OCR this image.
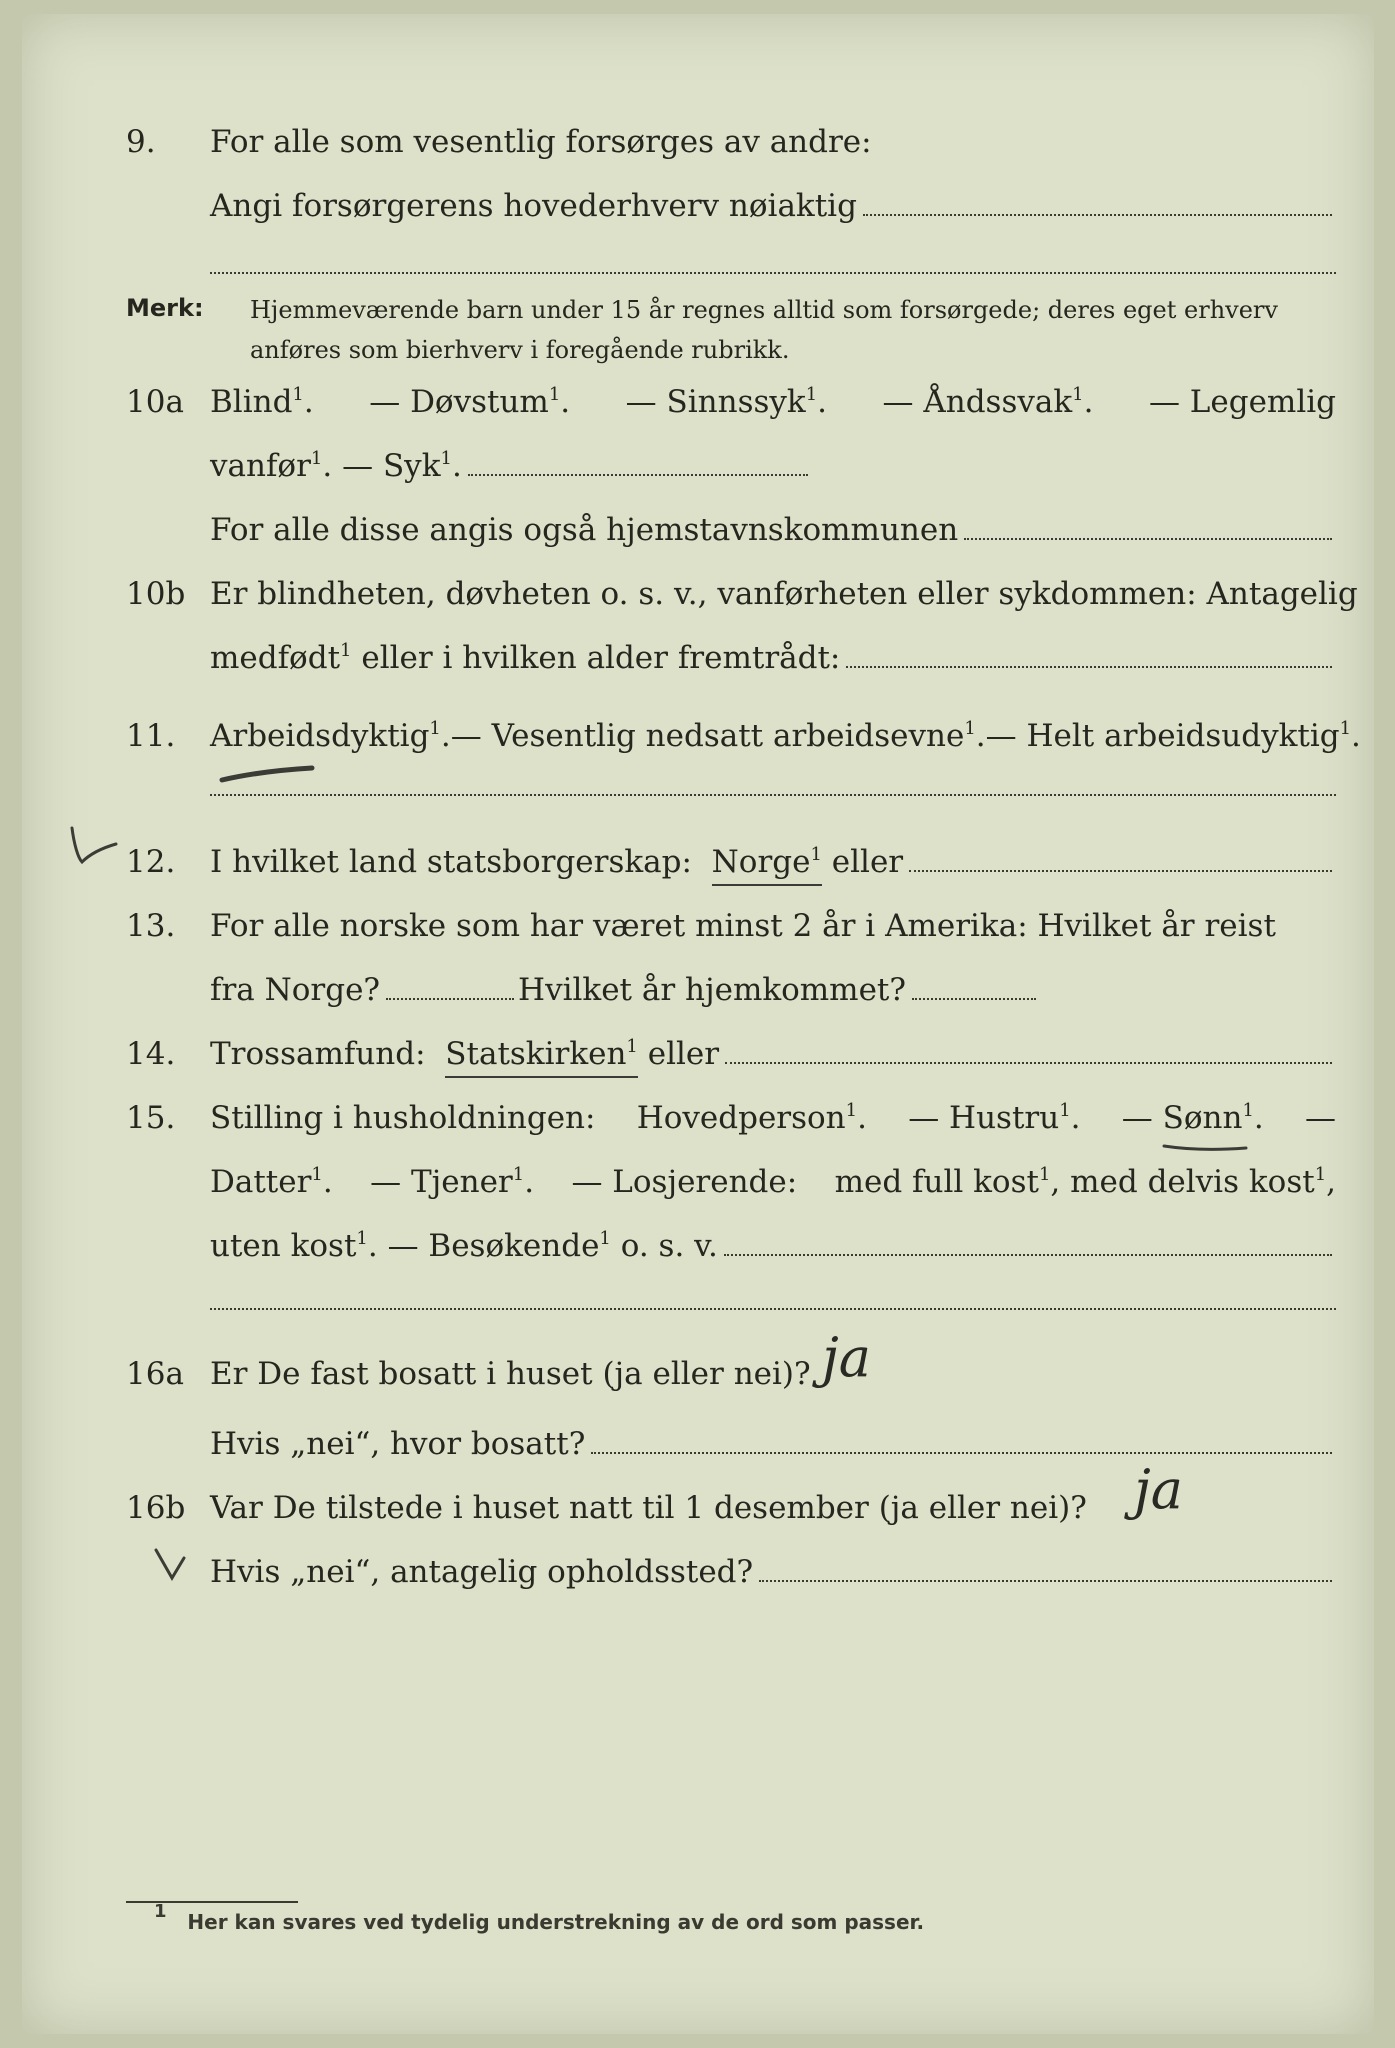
9. For alle som vesentlig forsørges av andre:
Angi forsørgerens hovederhverv nøiaktig
Merk: Hjemmeværende barn under 15 år regnes alltid som forsørgede; deres eget erhverv anføres som bierhverv i foregående rubrikk.
10a Blind$^1$. — Døvstum$^1$. — Sinnssyk$^1$. — Åndssvak$^1$. — Legemlig
vanfør$^1$. — Syk$^1$.
For alle disse angis også hjemstavnskommunen
10b Er blindheten, døvheten o. s. v., vanførheten eller sykdommen: Antagelig
medfødt$^1$ eller i hvilken alder fremtrådt:
11. Arbeidsdyktig$^1$. — Vesentlig nedsatt arbeidsevne$^1$. — Helt arbeidsudyktig$^1$.
12. I hvilket land statsborgerskap:
Norge$^1$
eller
13. For alle norske som har været minst 2 år i Amerika: Hvilket år reist
fra Norge?	Hvilket år hjemkommet?
14. Trossamfund:
Statskirken$^1$
eller
15. Stilling i husholdningen: Hovedperson$^1$. — Hustru$^1$. — Sønn$^1$. —
Datter$^1$. — Tjener$^1$. — Losjerende: med full kost$^1$, med delvis kost$^1$,
uten kost$^1$. — Besøkende$^1$ o. s. v.
16a Er De fast bosatt i huset (ja eller nei)? ja
Hvis „nei“, hvor bosatt?
16b Var De tilstede i huset natt til 1 desember (ja eller nei)? ja
Hvis „nei“, antagelig opholdssted?
$^1$ Her kan svares ved tydelig understrekning av de ord som passer.
